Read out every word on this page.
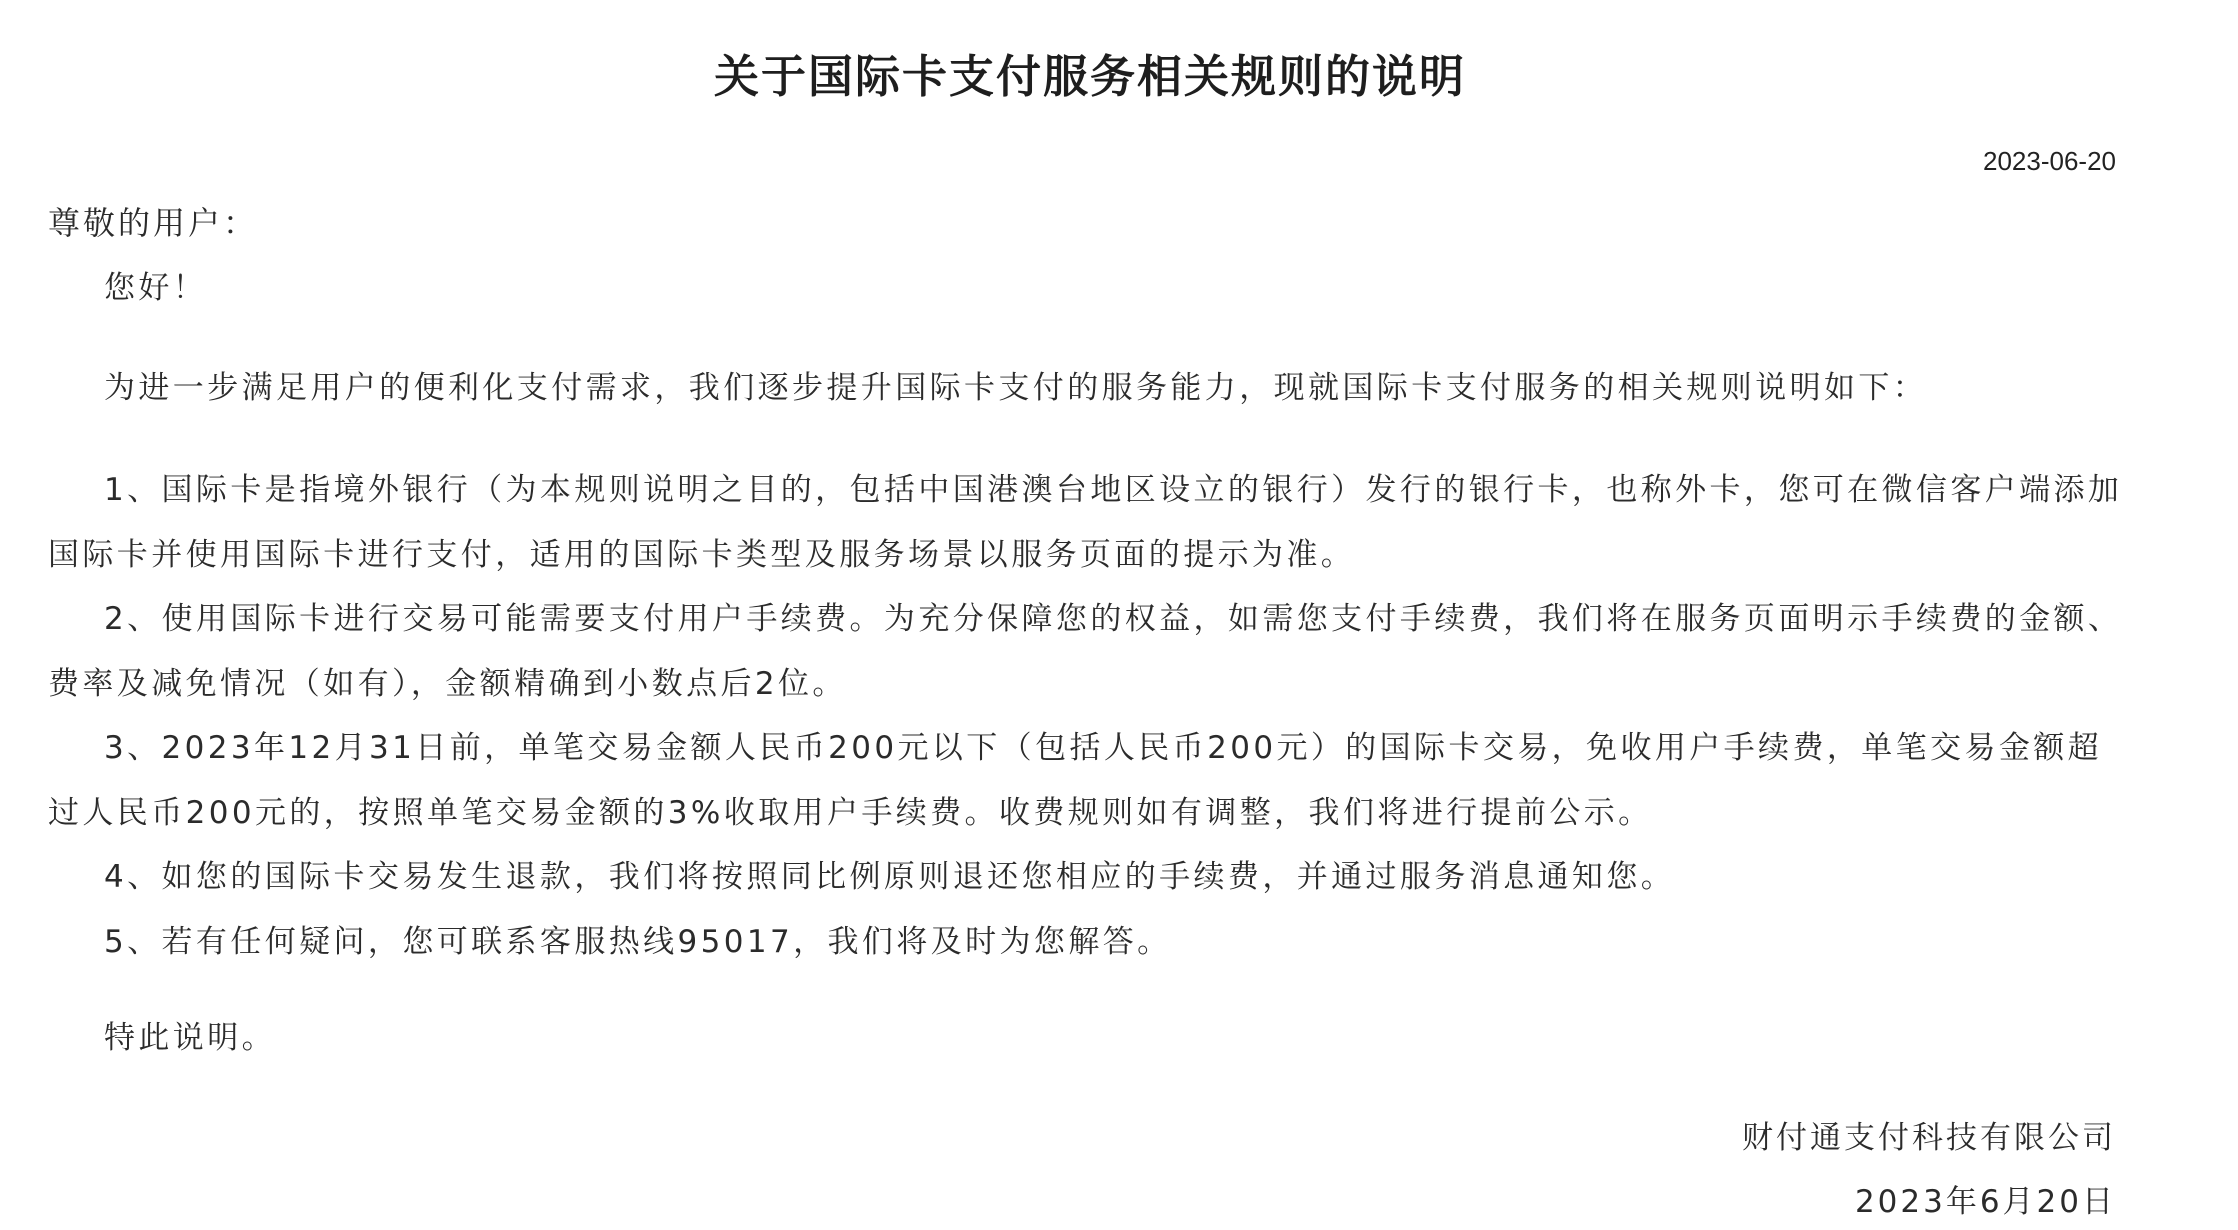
关于国际卡支付服务相关规则的说明
2023-06-20
尊敬的用户：
您好！
为进一步满足用户的便利化支付需求，我们逐步提升国际卡支付的服务能力，现就国际卡支付服务的相关规则说明如下：
1、国际卡是指境外银行（为本规则说明之目的，包括中国港澳台地区设立的银行）发行的银行卡，也称外卡，您可在微信客户端添加国际卡并使用国际卡进行支付，适用的国际卡类型及服务场景以服务页面的提示为准。
2、使用国际卡进行交易可能需要支付用户手续费。为充分保障您的权益，如需您支付手续费，我们将在服务页面明示手续费的金额、费率及减免情况（如有），金额精确到小数点后2位。
3、2023年12月31日前，单笔交易金额人民币200元以下（包括人民币200元）的国际卡交易，免收用户手续费，单笔交易金额超过人民币200元的，按照单笔交易金额的3%收取用户手续费。收费规则如有调整，我们将进行提前公示。
4、如您的国际卡交易发生退款，我们将按照同比例原则退还您相应的手续费，并通过服务消息通知您。
5、若有任何疑问，您可联系客服热线95017，我们将及时为您解答。
特此说明。
财付通支付科技有限公司
2023年6月20日
